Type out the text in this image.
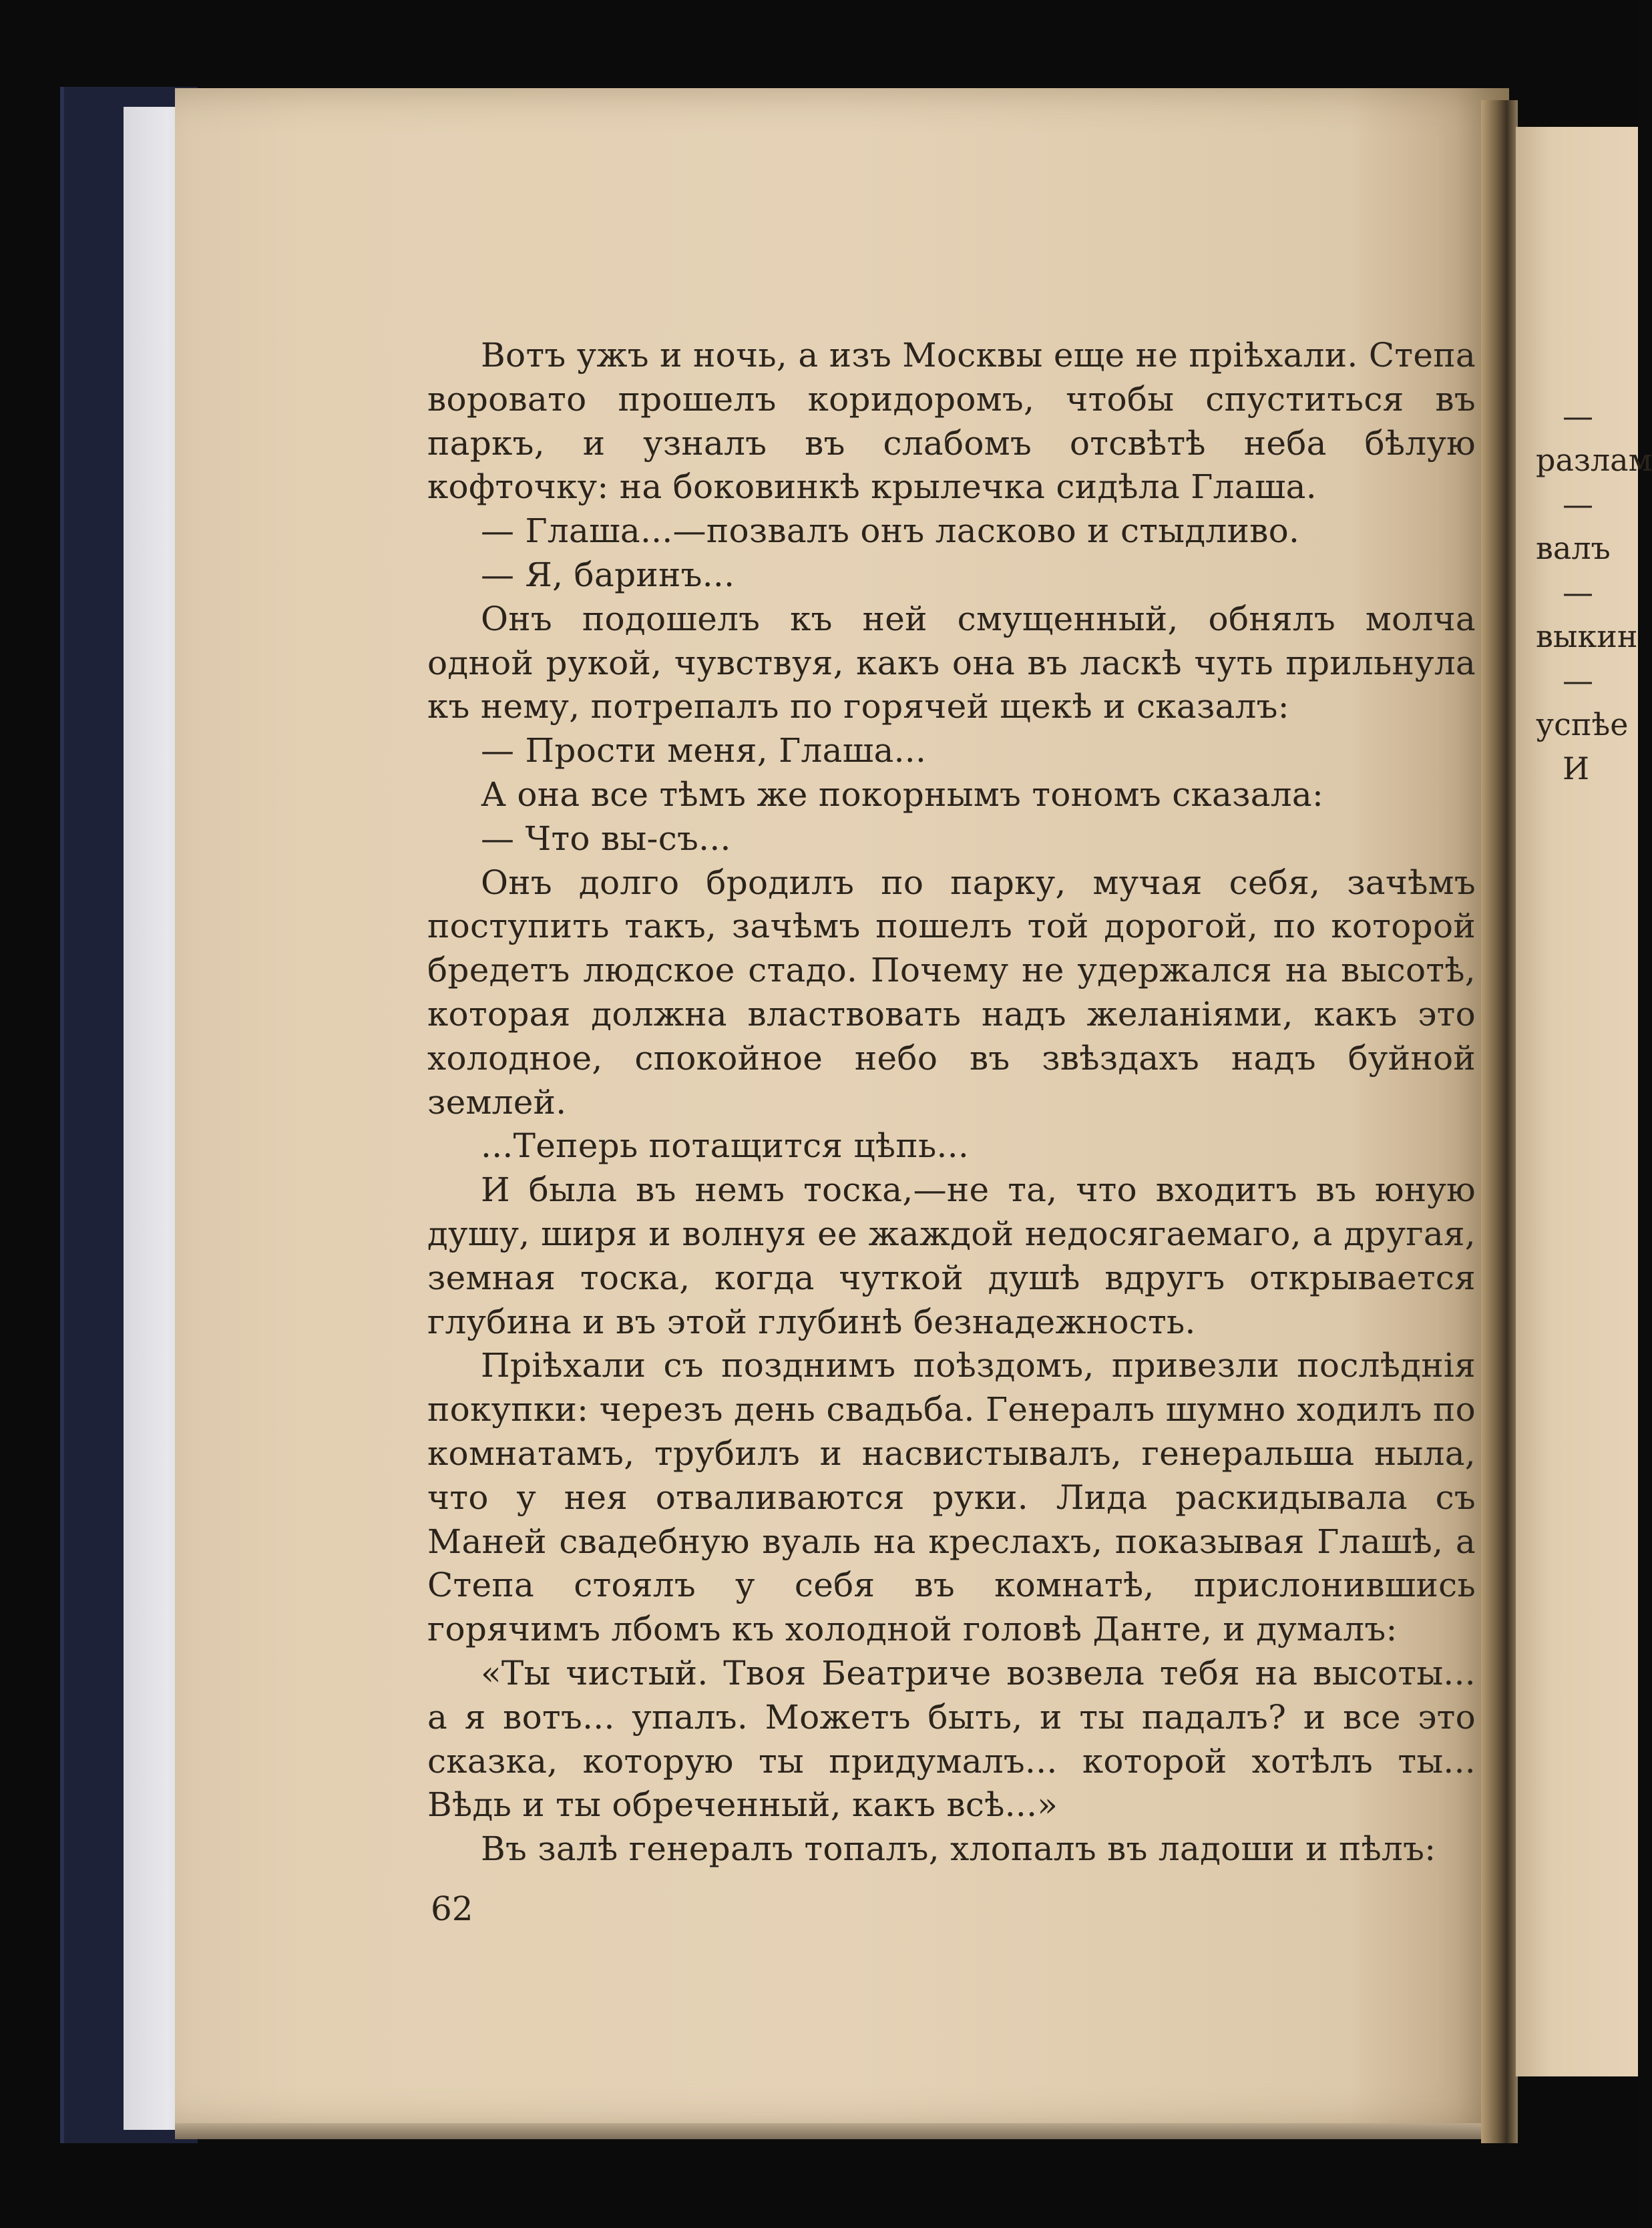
Вотъ ужъ и ночь, а изъ Москвы еще не пріѣхали. Степа воровато прошелъ коридоромъ, чтобы спуститься въ паркъ, и узналъ въ слабомъ отсвѣтѣ неба бѣлую кофточку: на боковинкѣ крылечка сидѣла Глаша.

— Глаша...—позвалъ онъ ласково и стыдливо.

— Я, баринъ...

Онъ подошелъ къ ней смущенный, обнялъ молча одной рукой, чувствуя, какъ она въ ласкѣ чуть прильнула къ нему, потрепалъ по горячей щекѣ и сказалъ:

— Прости меня, Глаша...

А она все тѣмъ же покорнымъ тономъ сказала:

— Что вы-съ...

Онъ долго бродилъ по парку, мучая себя, зачѣмъ поступить такъ, зачѣмъ пошелъ той дорогой, по которой бредетъ людское стадо. Почему не удержался на высотѣ, которая должна властвовать надъ желаніями, какъ это холодное, спокойное небо въ звѣздахъ надъ буйной землей.

...Теперь потащится цѣпь...

И была въ немъ тоска,—не та, что входитъ въ юную душу, ширя и волнуя ее жаждой недосягаемаго, а другая, земная тоска, когда чуткой душѣ вдругъ открывается глубина и въ этой глубинѣ безнадежность.

Пріѣхали съ позднимъ поѣздомъ, привезли послѣднія покупки: черезъ день свадьба. Генералъ шумно ходилъ по комнатамъ, трубилъ и насвистывалъ, генеральша ныла, что у нея отваливаются руки. Лида раскидывала съ Маней свадебную вуаль на креслахъ, показывая Глашѣ, а Степа стоялъ у себя въ комнатѣ, прислонившись горячимъ лбомъ къ холодной головѣ Данте, и думалъ:

«Ты чистый. Твоя Беатриче возвела тебя на высоты... а я вотъ... упалъ. Можетъ быть, и ты падалъ? и все это сказка, которую ты придумалъ... которой хотѣлъ ты... Вѣдь и ты обреченный, какъ всѣ...»

Въ залѣ генералъ топалъ, хлопалъ въ ладоши и пѣлъ:

62
—
разлам
—
валъ
—
выкин
—
успѣе
И
